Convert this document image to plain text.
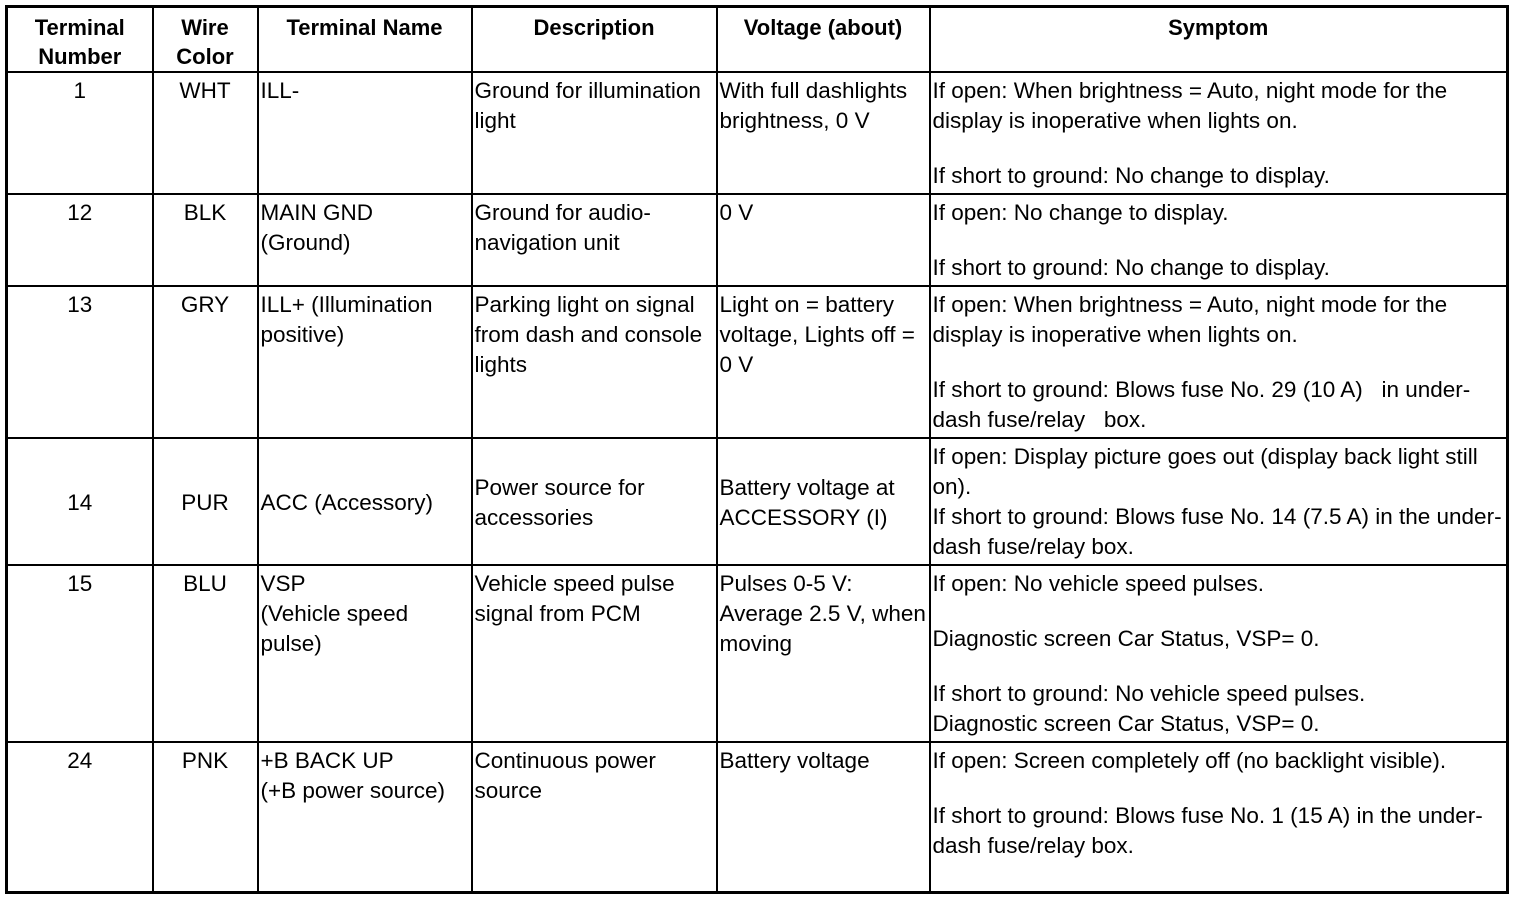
Terminal Number	Wire Color	Terminal Name	Description	Voltage (about)	Symptom
1	WHT	ILL-	Ground for illumination light	With full dashlights brightness, 0 V	If open: When brightness = Auto, night mode for the display is inoperative when lights on.
If short to ground: No change to display.

12	BLK	MAIN GND (Ground)	Ground for audio-navigation unit	0 V	If open: No change to display.
If short to ground: No change to display.

13	GRY	ILL+ (Illumination positive)	Parking light on signal from dash and console lights	Light on = battery voltage, Lights off = 0 V	If open: When brightness = Auto, night mode for the display is inoperative when lights on.
If short to ground: Blows fuse No. 29 (10 A)   in under-dash fuse/relay   box.

14	PUR	ACC (Accessory)	Power source for accessories	Battery voltage at ACCESSORY (I)	If open: Display picture goes out (display back light still on).
If short to ground: Blows fuse No. 14 (7.5 A) in the under-dash fuse/relay box.

15	BLU	VSP
(Vehicle speed pulse)	Vehicle speed pulse signal from PCM	Pulses 0-5 V: Average 2.5 V, when moving	If open: No vehicle speed pulses.
Diagnostic screen Car Status, VSP= 0.
If short to ground: No vehicle speed pulses.
Diagnostic screen Car Status, VSP= 0.

24	PNK	+B BACK UP
(+B power source)	Continuous power source	Battery voltage	If open: Screen completely off (no backlight visible).
If short to ground: Blows fuse No. 1 (15 A) in the under-dash fuse/relay box.
